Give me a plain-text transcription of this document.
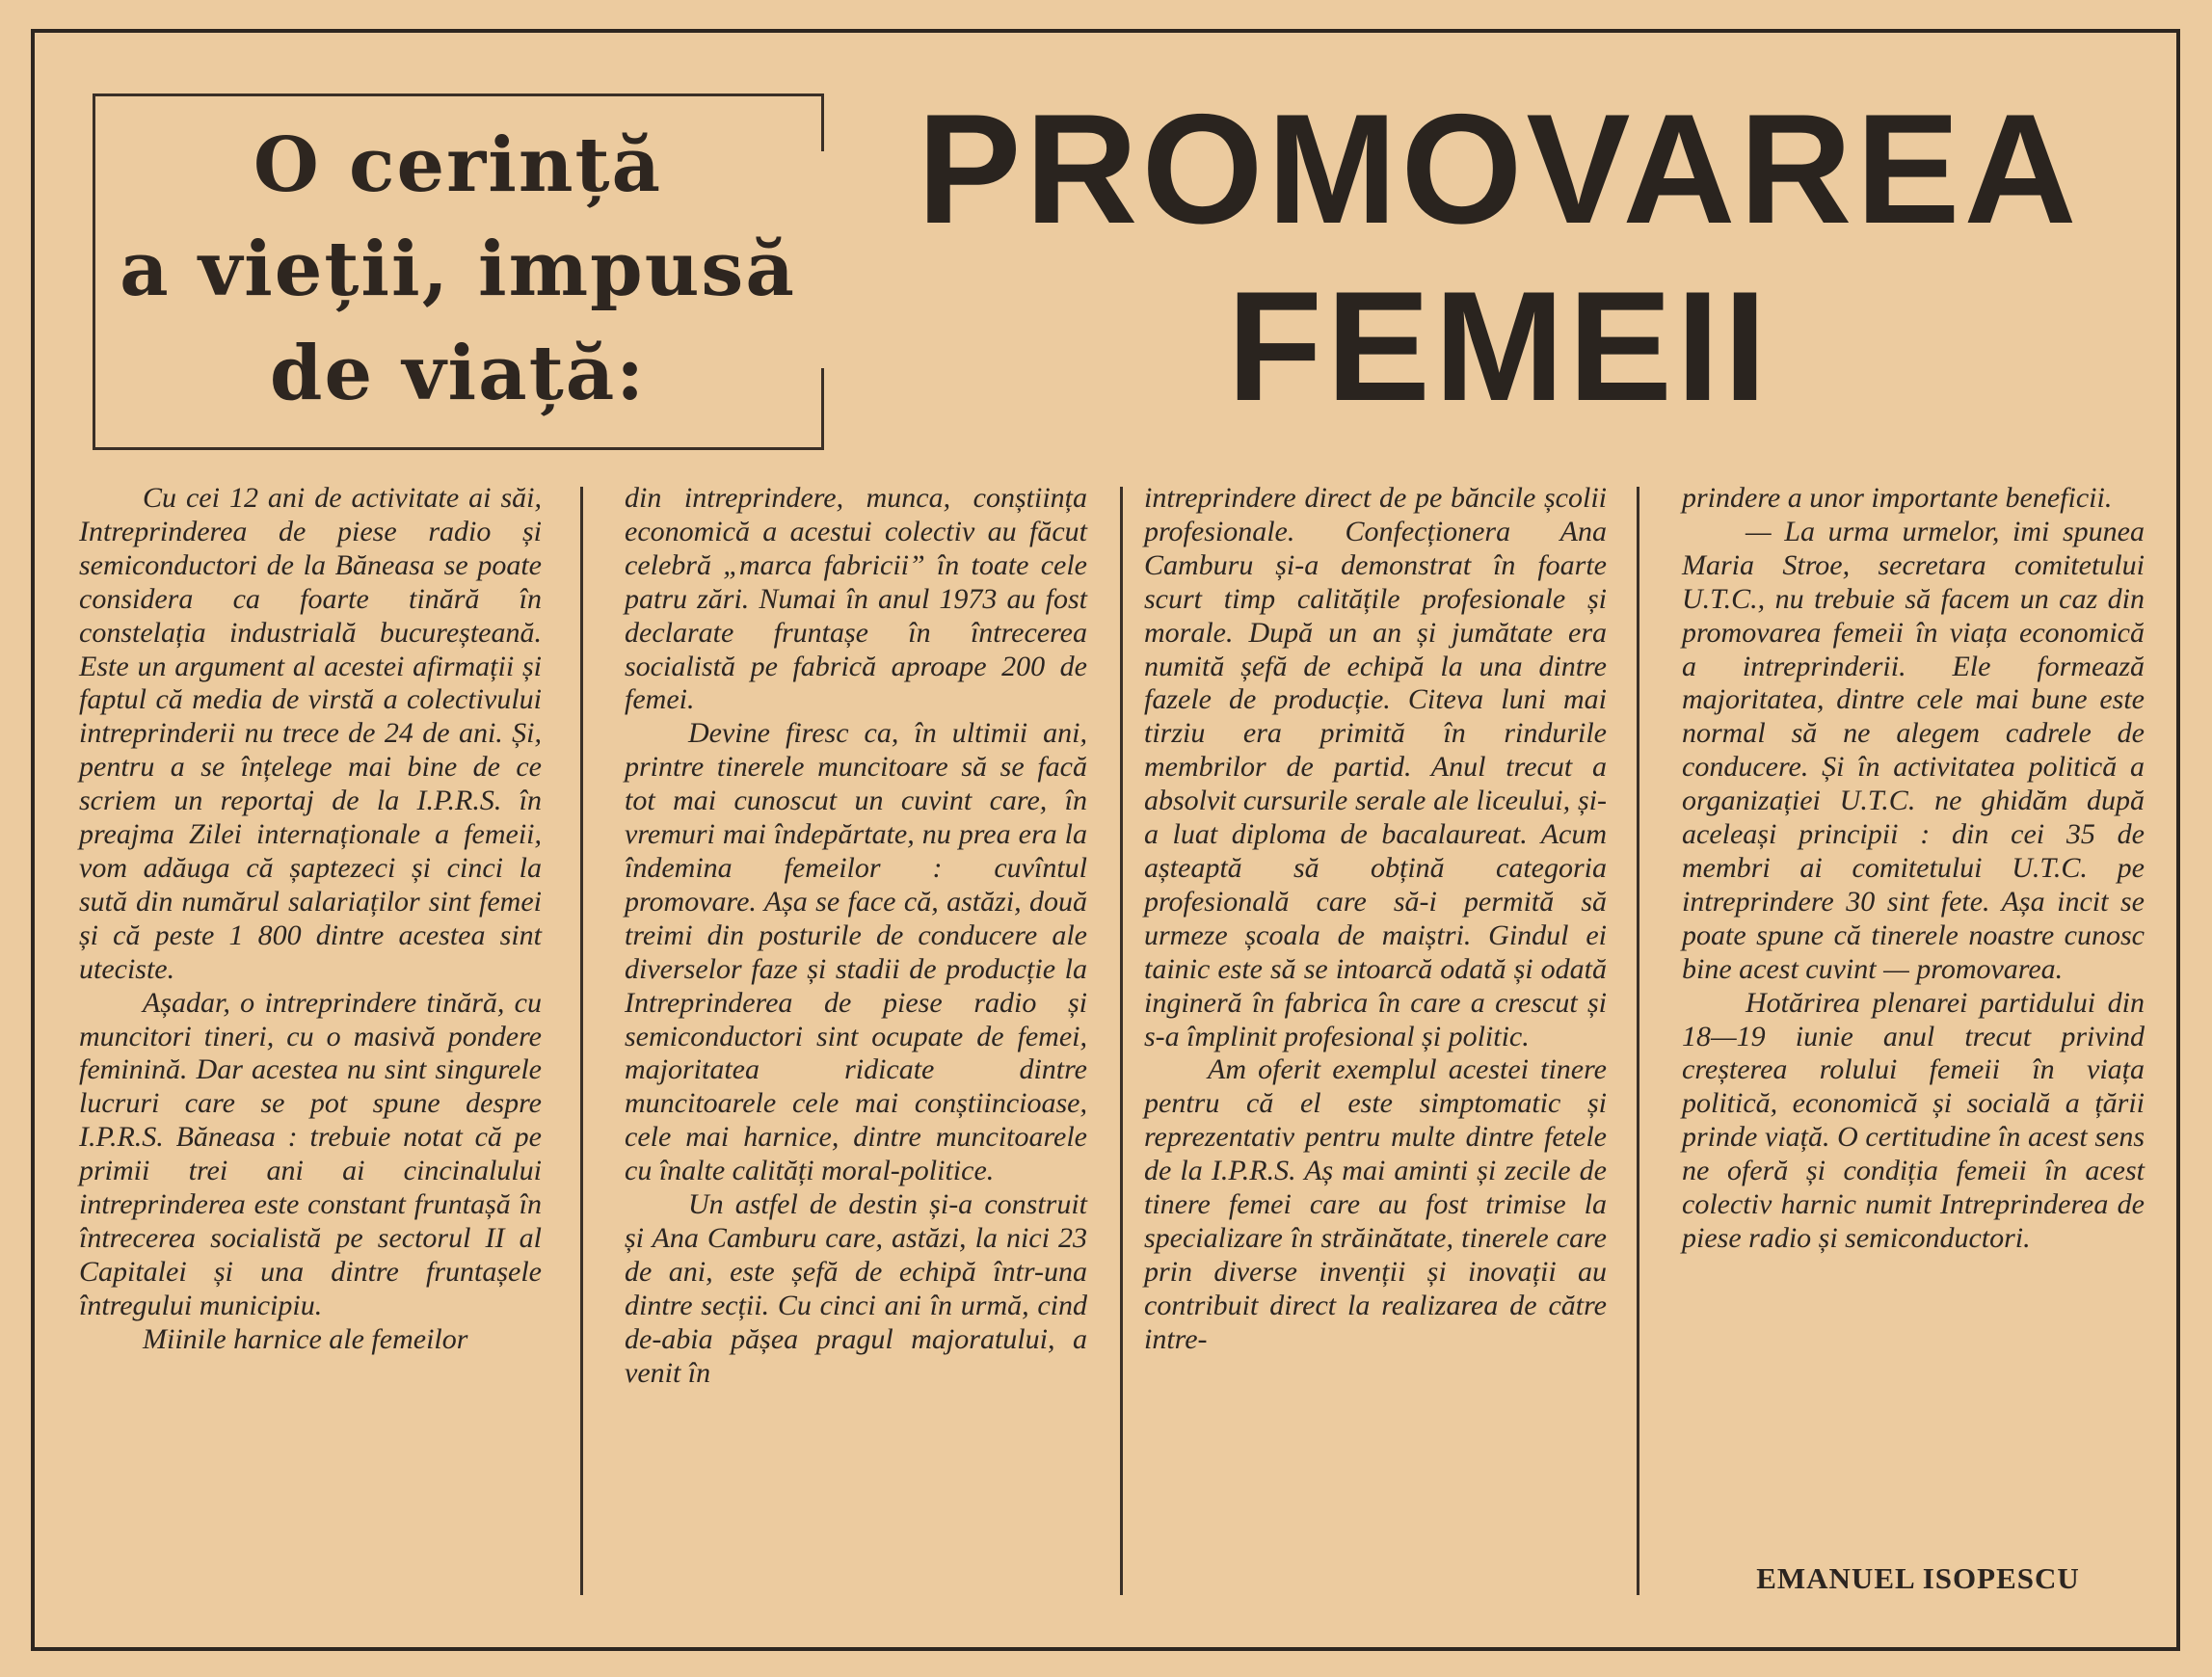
O cerință
a vieții, impusă
de viață:
PROMOVAREA
FEMEII

Cu cei 12 ani de activitate ai săi, Intreprinderea de piese radio și semiconductori de la Băneasa se poate considera ca foarte tinără în constelația industrială bucureșteană. Este un argument al acestei afirmații și faptul că media de virstă a colectivului intreprinderii nu trece de 24 de ani. Și, pentru a se înțelege mai bine de ce scriem un reportaj de la I.P.R.S. în preajma Zilei internaționale a femeii, vom adăuga că șaptezeci și cinci la sută din numărul salariaților sint femei și că peste 1 800 dintre acestea sint uteciste.

Așadar, o intreprindere tinără, cu muncitori tineri, cu o masivă pondere feminină. Dar acestea nu sint singurele lucruri care se pot spune despre I.P.R.S. Băneasa : trebuie notat că pe primii trei ani ai cincinalului intreprinderea este constant fruntașă în întrecerea socialistă pe sectorul II al Capitalei și una dintre fruntașele întregului municipiu.

Miinile harnice ale femeilor

din intreprindere, munca, conștiința economică a acestui colectiv au făcut celebră „marca fabricii” în toate cele patru zări. Numai în anul 1973 au fost declarate fruntașe în întrecerea socialistă pe fabrică aproape 200 de femei.

Devine firesc ca, în ultimii ani, printre tinerele muncitoare să se facă tot mai cunoscut un cuvint care, în vremuri mai îndepărtate, nu prea era la îndemina femeilor : cuvîntul promovare. Așa se face că, astăzi, două treimi din posturile de conducere ale diverselor faze și stadii de producție la Intreprinderea de piese radio și semiconductori sint ocupate de femei, majoritatea ridicate dintre muncitoarele cele mai conștiincioase, cele mai harnice, dintre muncitoarele cu înalte calități moral-politice.

Un astfel de destin și-a construit și Ana Camburu care, astăzi, la nici 23 de ani, este șefă de echipă într-una dintre secții. Cu cinci ani în urmă, cind de-abia pășea pragul majoratului, a venit în

intreprindere direct de pe băncile școlii profesionale. Confecționera Ana Camburu și-a demonstrat în foarte scurt timp calitățile profesionale și morale. După un an și jumătate era numită șefă de echipă la una dintre fazele de producție. Citeva luni mai tirziu era primită în rindurile membrilor de partid. Anul trecut a absolvit cursurile serale ale liceului, și-a luat diploma de bacalaureat. Acum așteaptă să obțină categoria profesională care să-i permită să urmeze școala de maiștri. Gindul ei tainic este să se intoarcă odată și odată ingineră în fabrica în care a crescut și s-a împlinit profesional și politic.

Am oferit exemplul acestei tinere pentru că el este simptomatic și reprezentativ pentru multe dintre fetele de la I.P.R.S. Aș mai aminti și zecile de tinere femei care au fost trimise la specializare în străinătate, tinerele care prin diverse invenții și inovații au contribuit direct la realizarea de către intre-

prindere a unor importante beneficii.

— La urma urmelor, imi spunea Maria Stroe, secretara comitetului U.T.C., nu trebuie să facem un caz din promovarea femeii în viața economică a intreprinderii. Ele formează majoritatea, dintre cele mai bune este normal să ne alegem cadrele de conducere. Și în activitatea politică a organizației U.T.C. ne ghidăm după aceleași principii : din cei 35 de membri ai comitetului U.T.C. pe intreprindere 30 sint fete. Așa incit se poate spune că tinerele noastre cunosc bine acest cuvint — promovarea.

Hotărirea plenarei partidului din 18—19 iunie anul trecut privind creșterea rolului femeii în viața politică, economică și socială a țării prinde viață. O certitudine în acest sens ne oferă și condiția femeii în acest colectiv harnic numit Intreprinderea de piese radio și semiconductori.

EMANUEL ISOPESCU
